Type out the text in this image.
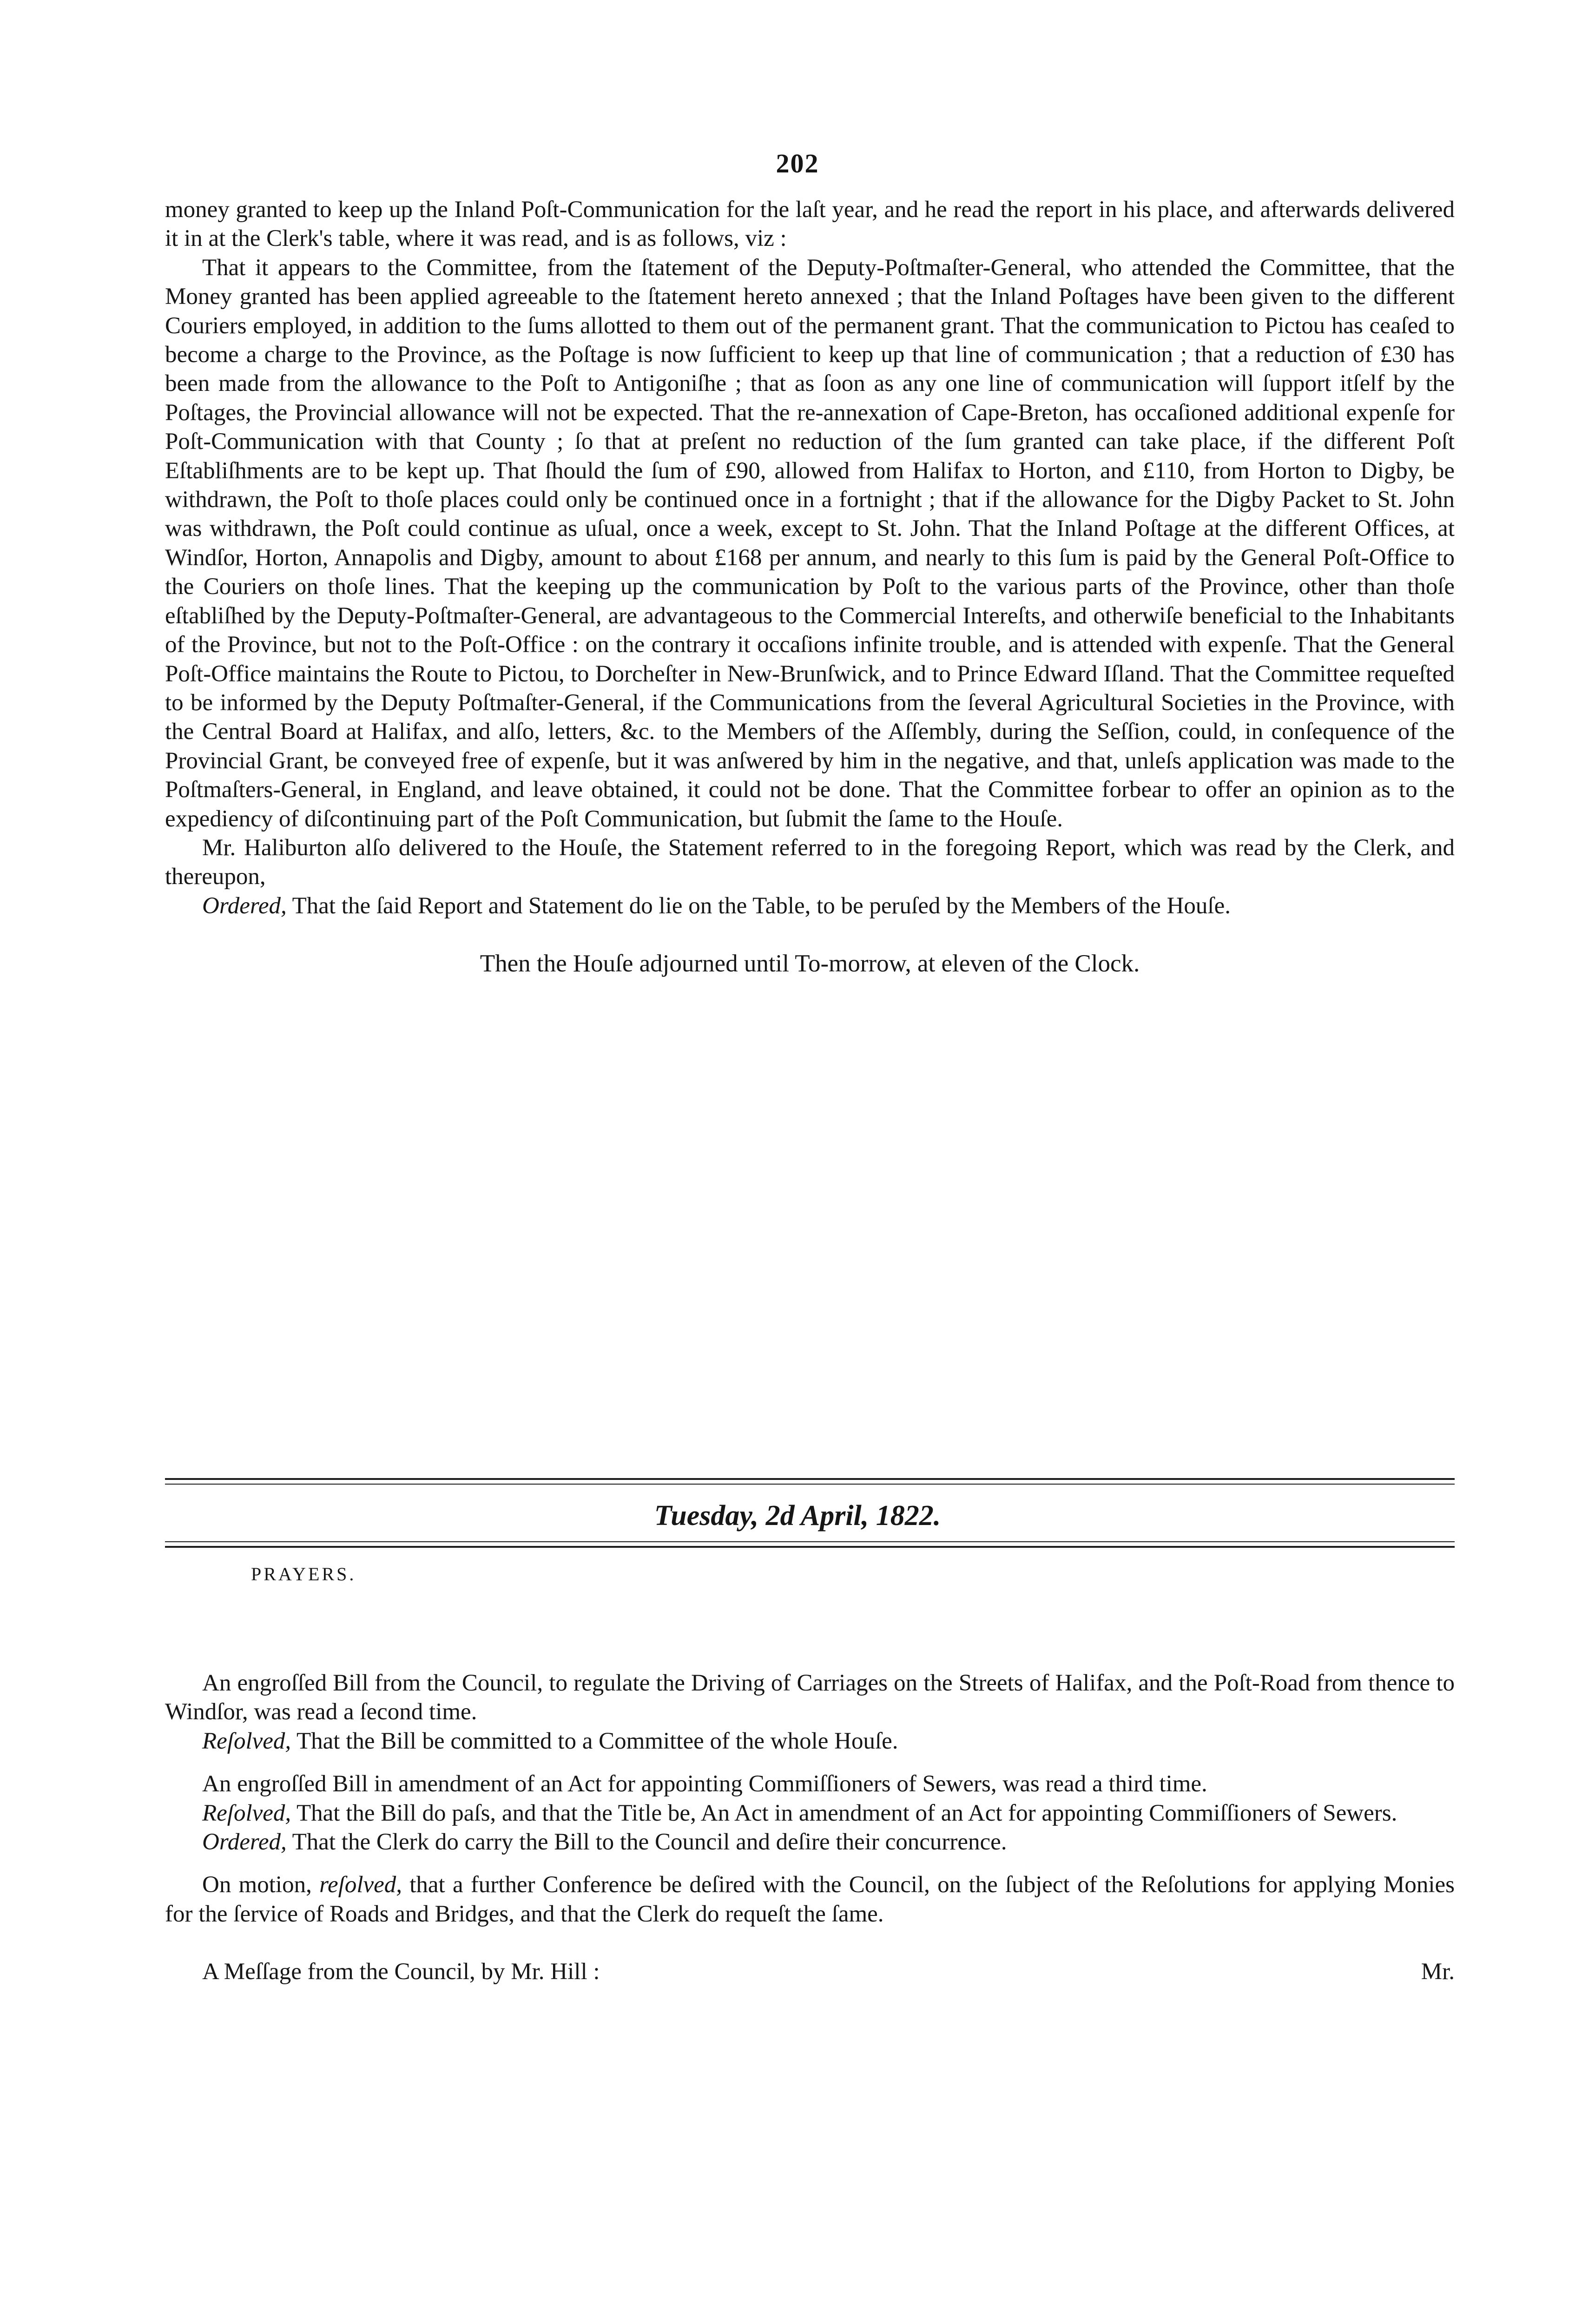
202

money granted to keep up the Inland Poſt-Communication for the laſt year, and he read the report in his place, and afterwards delivered it in at the Clerk's table, where it was read, and is as follows, viz :

That it appears to the Committee, from the ſtatement of the Deputy-Poſtmaſter-General, who attended the Committee, that the Money granted has been applied agreeable to the ſtatement hereto annexed ; that the Inland Poſtages have been given to the different Couriers employed, in addition to the ſums allotted to them out of the permanent grant. That the communication to Pictou has ceaſed to become a charge to the Province, as the Poſtage is now ſufficient to keep up that line of communication ; that a reduction of £30 has been made from the allowance to the Poſt to Antigoniſhe ; that as ſoon as any one line of communication will ſupport itſelf by the Poſtages, the Provincial allowance will not be expected. That the re-annexation of Cape-Breton, has occaſioned additional expenſe for Poſt-Communication with that County ; ſo that at preſent no reduction of the ſum granted can take place, if the different Poſt Eſtabliſhments are to be kept up. That ſhould the ſum of £90, allowed from Halifax to Horton, and £110, from Horton to Digby, be withdrawn, the Poſt to thoſe places could only be continued once in a fortnight ; that if the allowance for the Digby Packet to St. John was withdrawn, the Poſt could continue as uſual, once a week, except to St. John. That the Inland Poſtage at the different Offices, at Windſor, Horton, Annapolis and Digby, amount to about £168 per annum, and nearly to this ſum is paid by the General Poſt-Office to the Couriers on thoſe lines. That the keeping up the communication by Poſt to the various parts of the Province, other than thoſe eſtabliſhed by the Deputy-Poſtmaſter-General, are advantageous to the Commercial Intereſts, and otherwiſe beneficial to the Inhabitants of the Province, but not to the Poſt-Office : on the contrary it occaſions infinite trouble, and is attended with expenſe. That the General Poſt-Office maintains the Route to Pictou, to Dorcheſter in New-Brunſwick, and to Prince Edward Iſland. That the Committee requeſted to be informed by the Deputy Poſtmaſter-General, if the Communications from the ſeveral Agricultural Societies in the Province, with the Central Board at Halifax, and alſo, letters, &c. to the Members of the Aſſembly, during the Seſſion, could, in conſequence of the Provincial Grant, be conveyed free of expenſe, but it was anſwered by him in the negative, and that, unleſs application was made to the Poſtmaſters-General, in England, and leave obtained, it could not be done. That the Committee forbear to offer an opinion as to the expediency of diſcontinuing part of the Poſt Communication, but ſubmit the ſame to the Houſe.

Mr. Haliburton alſo delivered to the Houſe, the Statement referred to in the foregoing Report, which was read by the Clerk, and thereupon,

Ordered, That the ſaid Report and Statement do lie on the Table, to be peruſed by the Members of the Houſe.

Then the Houſe adjourned until To-morrow, at eleven of the Clock.

Tuesday, 2d April, 1822.
PRAYERS.

An engroſſed Bill from the Council, to regulate the Driving of Carriages on the Streets of Halifax, and the Poſt-Road from thence to Windſor, was read a ſecond time.

Reſolved, That the Bill be committed to a Committee of the whole Houſe.

An engroſſed Bill in amendment of an Act for appointing Commiſſioners of Sewers, was read a third time.

Reſolved, That the Bill do paſs, and that the Title be, An Act in amendment of an Act for appointing Commiſſioners of Sewers.

Ordered, That the Clerk do carry the Bill to the Council and deſire their concurrence.

On motion, reſolved, that a further Conference be deſired with the Council, on the ſubject of the Reſolutions for applying Monies for the ſervice of Roads and Bridges, and that the Clerk do requeſt the ſame.

A Meſſage from the Council, by Mr. Hill :	Mr.
